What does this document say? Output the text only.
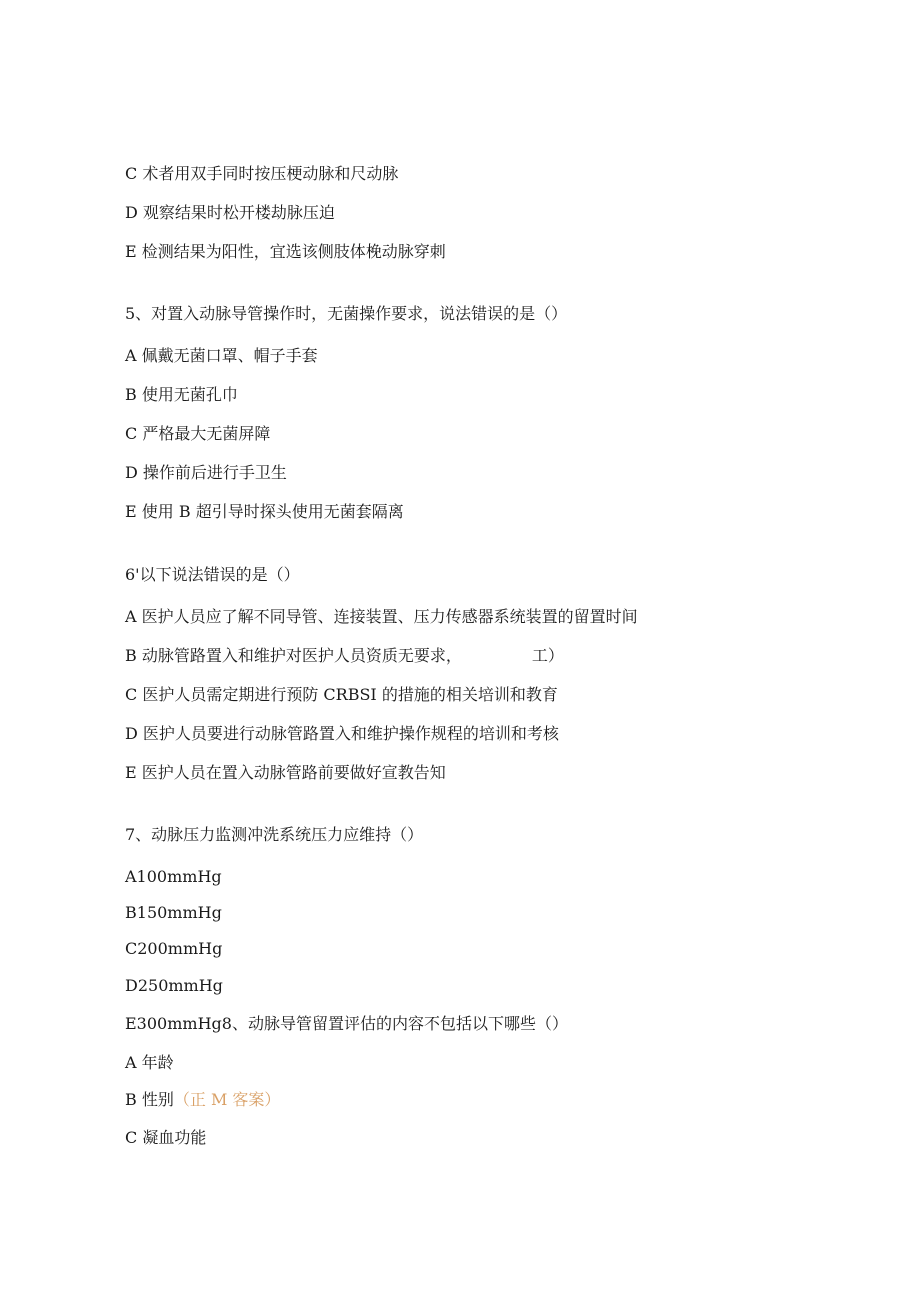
C 术者用双手同时按压梗动脉和尺动脉
D 观察结果时松开楼劫脉压迫
E 检测结果为阳性，宜选该侧肢体梚动脉穿刺
5、对置入动脉导管操作时，无菌操作要求，说法错误的是（）
A 佩戴无菌口罩、帽子手套
B 使用无菌孔巾
C 严格最大无菌屏障
D 操作前后进行手卫生
E 使用 B 超引导时探头使用无菌套隔离
6'以下说法错误的是（）
A 医护人员应了解不同导管、连接装置、压力传感器系统装置的留置时间
B 动脉管路置入和维护对医护人员资质无要求，	工）
C 医护人员需定期进行预防 CRBSI 的措施的相关培训和教育
D 医护人员要进行动脉管路置入和维护操作规程的培训和考核
E 医护人员在置入动脉管路前要做好宣教告知
7、动脉压力监测冲洗系统压力应维持（）
A100mmHg
B150mmHg
C200mmHg
D250mmHg
E300mmHg8、动脉导管留置评估的内容不包括以下哪些（）
A 年龄
B 性别（正 M 客案）
C 凝血功能
